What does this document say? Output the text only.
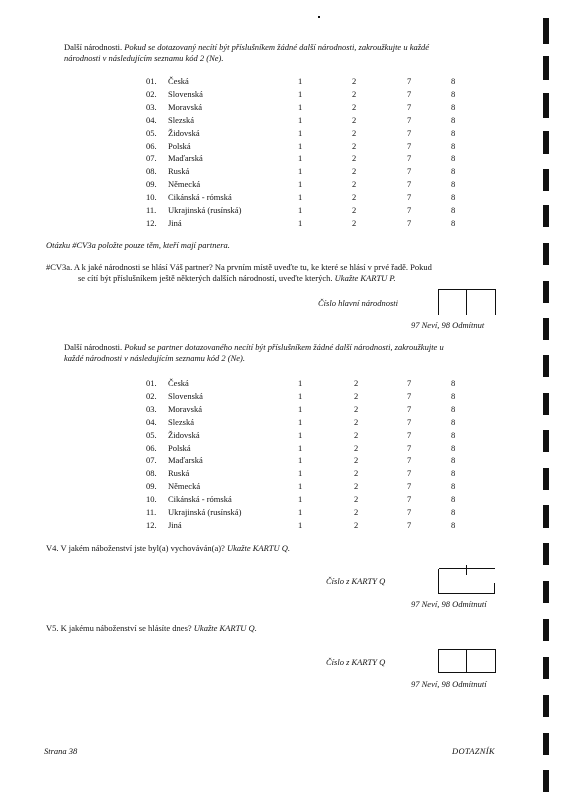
Další národnosti. Pokud se dotazovaný necítí být příslušníkem žádné další národnosti, zakroužkujte u každé
národnosti v následujícím seznamu kód 2 (Ne).
01. Česká	1	2	7	8
02. Slovenská	1	2	7	8
03. Moravská	1	2	7	8
04. Slezská	1	2	7	8
05. Židovská	1	2	7	8
06. Polská	1	2	7	8
07. Maďarská	1	2	7	8
08. Ruská	1	2	7	8
09. Německá	1	2	7	8
10. Cikánská - rómská	1	2	7	8
11. Ukrajinská (rusínská)	1	2	7	8
12. Jiná	1	2	7	8
Otázku #CV3a položte pouze těm, kteří mají partnera.
#CV3a. A k jaké národnosti se hlásí Váš partner? Na prvním místě uveďte tu, ke které se hlásí v prvé řadě. Pokud
se cítí být příslušníkem ještě některých dalších národností, uveďte kterých. Ukažte KARTU P.
Číslo hlavní národnosti
97 Neví, 98 Odmítnut
Další národnosti. Pokud se partner dotazovaného necítí být příslušníkem žádné další národnosti, zakroužkujte u
každé národnosti v následujícím seznamu kód 2 (Ne).
01. Česká	1	2	7	8
02. Slovenská	1	2	7	8
03. Moravská	1	2	7	8
04. Slezská	1	2	7	8
05. Židovská	1	2	7	8
06. Polská	1	2	7	8
07. Maďarská	1	2	7	8
08. Ruská	1	2	7	8
09. Německá	1	2	7	8
10. Cikánská - rómská	1	2	7	8
11. Ukrajinská (rusínská)	1	2	7	8
12. Jiná	1	2	7	8
V4. V jakém náboženství jste byl(a) vychováván(a)? Ukažte KARTU Q.
Číslo z KARTY Q
97 Neví, 98 Odmítnutí
V5. K jakému náboženství se hlásíte dnes? Ukažte KARTU Q.
Číslo z KARTY Q
97 Neví, 98 Odmítnutí
Strana 38	DOTAZNÍK
